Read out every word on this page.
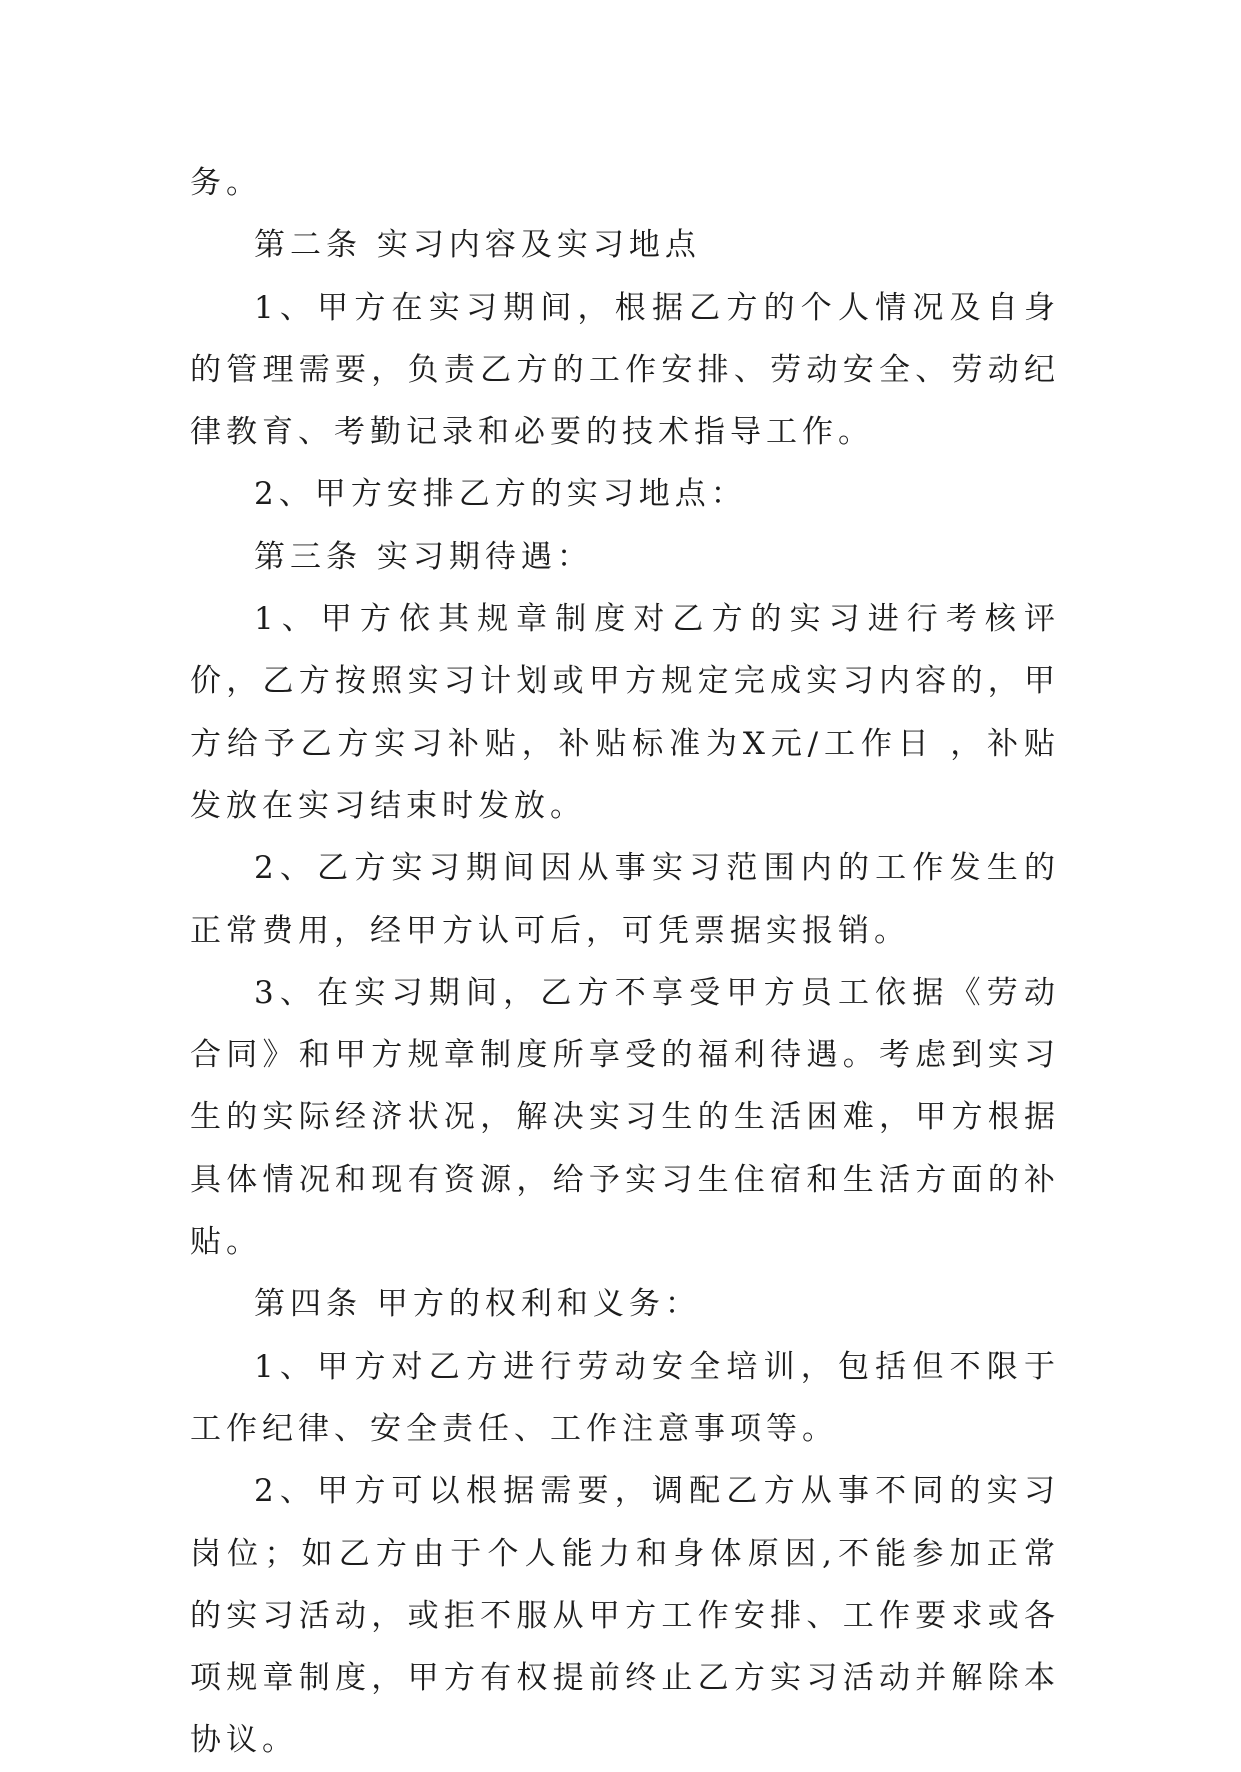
务。

第二条 实习内容及实习地点

1、甲方在实习期间，根据乙方的个人情况及自身的管理需要，负责乙方的工作安排、劳动安全、劳动纪律教育、考勤记录和必要的技术指导工作。

2、甲方安排乙方的实习地点：

第三条 实习期待遇：

1、甲方依其规章制度对乙方的实习进行考核评价，乙方按照实习计划或甲方规定完成实习内容的，甲方给予乙方实习补贴，补贴标准为X元/工作日 ，补贴发放在实习结束时发放。

2、乙方实习期间因从事实习范围内的工作发生的正常费用，经甲方认可后，可凭票据实报销。

3、在实习期间，乙方不享受甲方员工依据《劳动合同》和甲方规章制度所享受的福利待遇。考虑到实习生的实际经济状况，解决实习生的生活困难，甲方根据具体情况和现有资源，给予实习生住宿和生活方面的补贴。

第四条 甲方的权利和义务：

1、甲方对乙方进行劳动安全培训，包括但不限于工作纪律、安全责任、工作注意事项等。

2、甲方可以根据需要，调配乙方从事不同的实习岗位；如乙方由于个人能力和身体原因,不能参加正常的实习活动，或拒不服从甲方工作安排、工作要求或各项规章制度，甲方有权提前终止乙方实习活动并解除本协议。
